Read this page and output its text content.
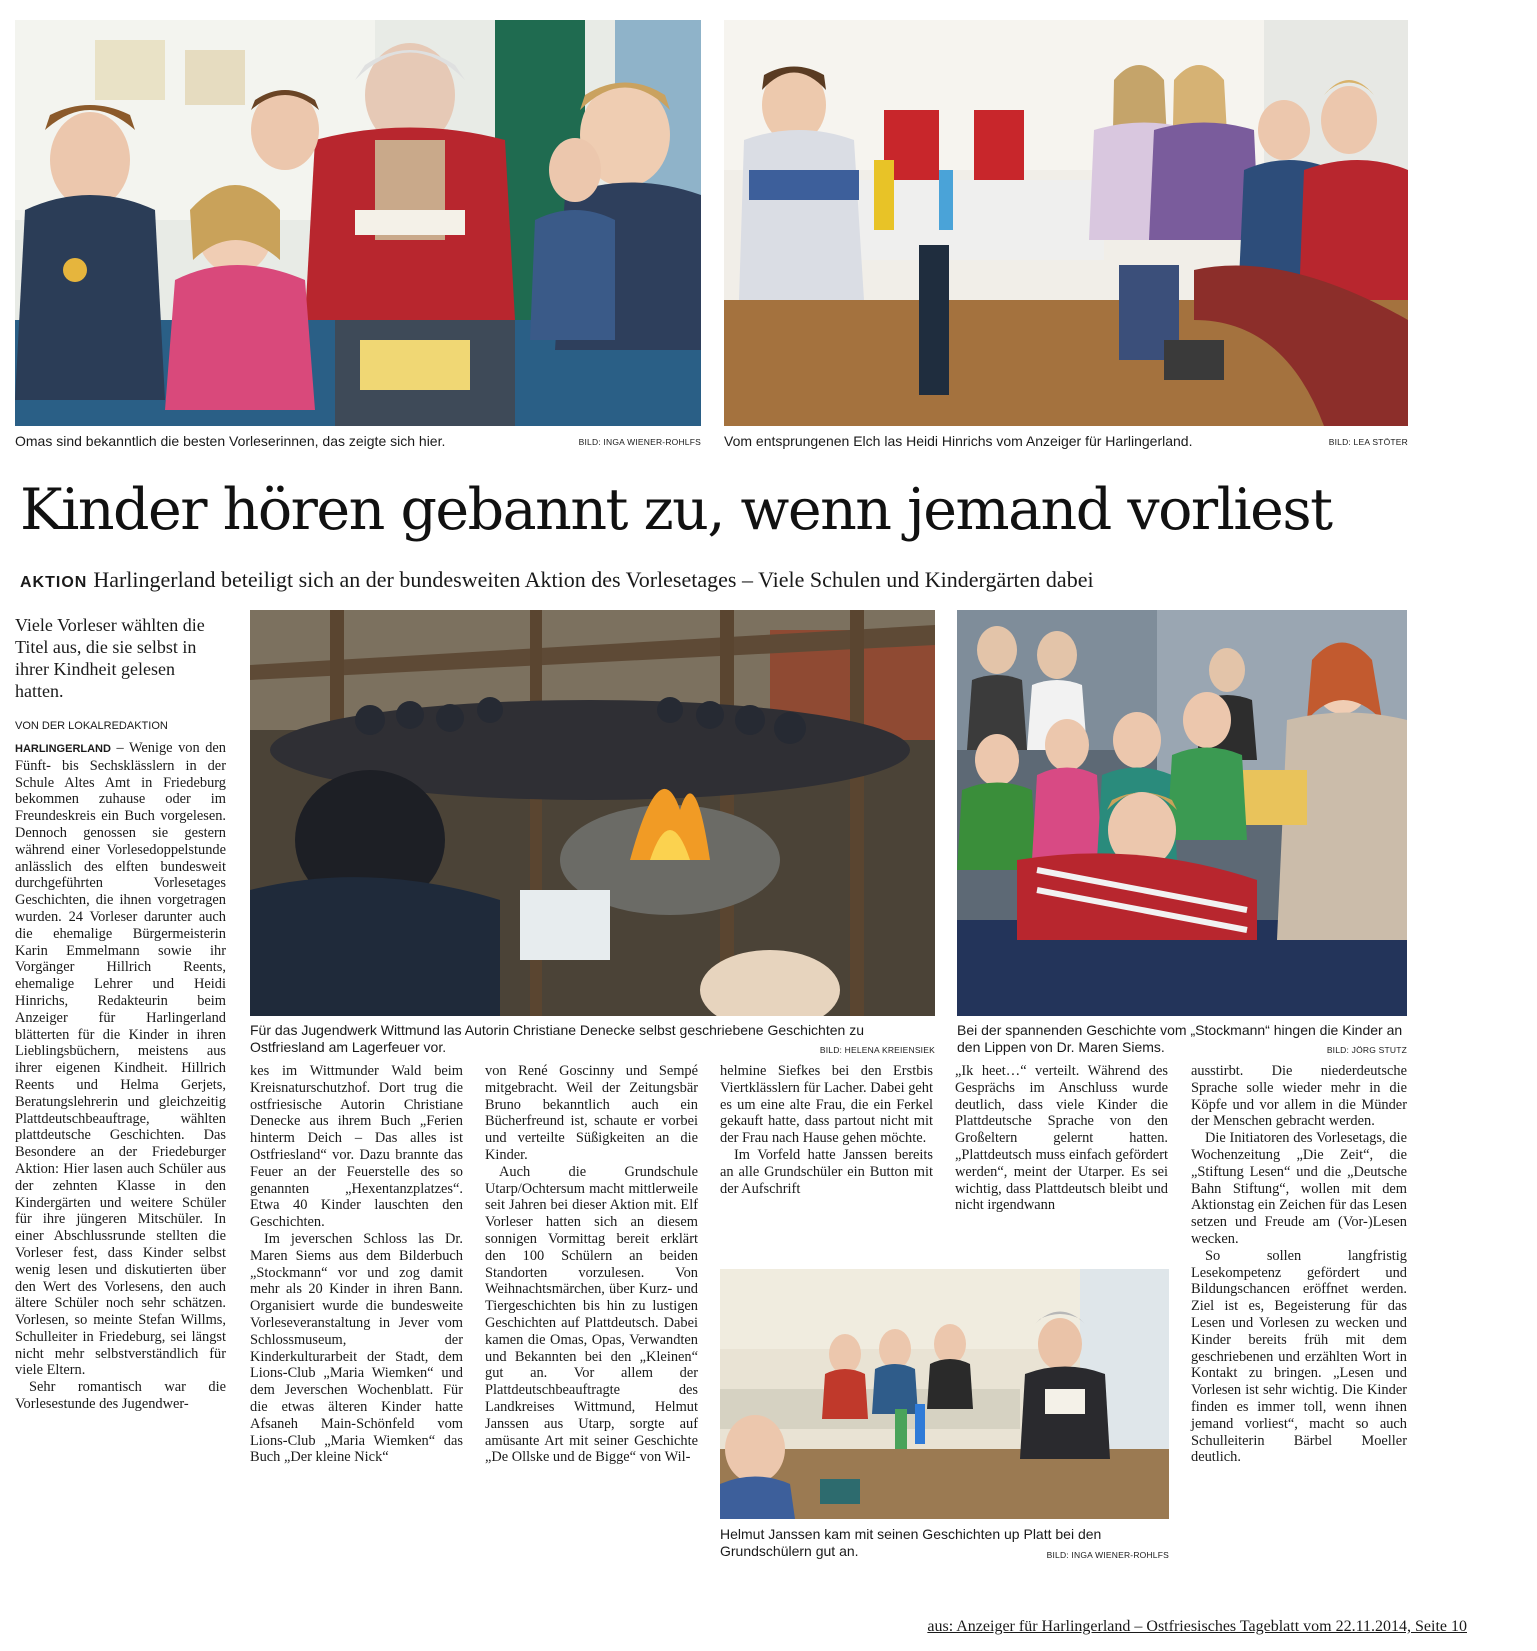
Omas sind bekanntlich die besten Vorleserinnen, das zeigte sich hier.	BILD: INGA WIENER-ROHLFS Vom entsprungenen Elch las Heidi Hinrichs vom Anzeiger für Harlingerland.	BILD: LEA STÖTER
Kinder hören gebannt zu, wenn jemand vorliest
AKTION Harlingerland beteiligt sich an der bundesweiten Aktion des Vorlesetages – Viele Schulen und Kindergärten dabei
Viele Vorleser wählten die Titel aus, die sie selbst in ihrer Kindheit gelesen hatten.
VON DER LOKALREDAKTION
Für das Jugendwerk Wittmund las Autorin Christiane Denecke selbst geschriebene Geschichten zu Ostfriesland am Lagerfeuer vor.	BILD: HELENA KREIENSIEK
Bei der spannenden Geschichte vom „Stockmann“ hingen die Kinder an den Lippen von Dr. Maren Siems.	BILD: JÖRG STUTZ
Helmut Janssen kam mit seinen Geschichten up Platt bei den Grundschülern gut an.	BILD: INGA WIENER-ROHLFS

HARLINGERLAND – Wenige von den Fünft- bis Sechsklässlern in der Schule Altes Amt in Friedeburg bekommen zuhause oder im Freundeskreis ein Buch vorgelesen. Dennoch genossen sie gestern während einer Vorlesedoppelstunde anlässlich des elften bundesweit durchgeführten Vorlesetages Geschichten, die ihnen vorgetragen wurden. 24 Vorleser darunter auch die ehemalige Bürgermeisterin Karin Emmelmann sowie ihr Vorgänger Hillrich Reents, ehemalige Lehrer und Heidi Hinrichs, Redakteurin beim Anzeiger für Harlingerland blätterten für die Kinder in ihren Lieblingsbüchern, meistens aus ihrer eigenen Kindheit. Hillrich Reents und Helma Gerjets, Beratungslehrerin und gleichzeitig Plattdeutschbeauftrage, wählten plattdeutsche Geschichten. Das Besondere an der Friedeburger Aktion: Hier lasen auch Schüler aus der zehnten Klasse in den Kindergärten und weitere Schüler für ihre jüngeren Mitschüler. In einer Abschlussrunde stellten die Vorleser fest, dass Kinder selbst wenig lesen und diskutierten über den Wert des Vorlesens, den auch ältere Schüler noch sehr schätzen. Vorlesen, so meinte Stefan Willms, Schulleiter in Friedeburg, sei längst nicht mehr selbstverständlich für viele Eltern.

Sehr romantisch war die Vorlesestunde des Jugendwer-

kes im Wittmunder Wald beim Kreisnaturschutzhof. Dort trug die ostfriesische Autorin Christiane Denecke aus ihrem Buch „Ferien hinterm Deich – Das alles ist Ostfriesland“ vor. Dazu brannte das Feuer an der Feuerstelle des so genannten „Hexentanzplatzes“. Etwa 40 Kinder lauschten den Geschichten.

Im jeverschen Schloss las Dr. Maren Siems aus dem Bilderbuch „Stockmann“ vor und zog damit mehr als 20 Kinder in ihren Bann. Organisiert wurde die bundesweite Vorleseveranstaltung in Jever vom Schlossmuseum, der Kinderkulturarbeit der Stadt, dem Lions-Club „Maria Wiemken“ und dem Jeverschen Wochenblatt. Für die etwas älteren Kinder hatte Afsaneh Main-Schönfeld vom Lions-Club „Maria Wiemken“ das Buch „Der kleine Nick“

von René Goscinny und Sempé mitgebracht. Weil der Zeitungsbär Bruno bekanntlich auch ein Bücherfreund ist, schaute er vorbei und verteilte Süßigkeiten an die Kinder.

Auch die Grundschule Utarp/Ochtersum macht mittlerweile seit Jahren bei dieser Aktion mit. Elf Vorleser hatten sich an diesem sonnigen Vormittag bereit erklärt den 100 Schülern an beiden Standorten vorzulesen. Von Weihnachtsmärchen, über Kurz- und Tiergeschichten bis hin zu lustigen Geschichten auf Plattdeutsch. Dabei kamen die Omas, Opas, Verwandten und Bekannten bei den „Kleinen“ gut an. Vor allem der Plattdeutschbeauftragte des Landkreises Wittmund, Helmut Janssen aus Utarp, sorgte auf amüsante Art mit seiner Geschichte „De Ollske und de Bigge“ von Wil-

helmine Siefkes bei den Erstbis Viertklässlern für Lacher. Dabei geht es um eine alte Frau, die ein Ferkel gekauft hatte, dass partout nicht mit der Frau nach Hause gehen möchte.

Im Vorfeld hatte Janssen bereits an alle Grundschüler ein Button mit der Aufschrift

„Ik heet…“ verteilt. Während des Gesprächs im Anschluss wurde deutlich, dass viele Kinder die Plattdeutsche Sprache von den Großeltern gelernt hatten. „Plattdeutsch muss einfach gefördert werden“, meint der Utarper. Es sei wichtig, dass Plattdeutsch bleibt und nicht irgendwann

ausstirbt. Die niederdeutsche Sprache solle wieder mehr in die Köpfe und vor allem in die Münder der Menschen gebracht werden.

Die Initiatoren des Vorlesetags, die Wochenzeitung „Die Zeit“, die „Stiftung Lesen“ und die „Deutsche Bahn Stiftung“, wollen mit dem Aktionstag ein Zeichen für das Lesen setzen und Freude am (Vor-)Lesen wecken.

So sollen langfristig Lesekompetenz gefördert und Bildungschancen eröffnet werden. Ziel ist es, Begeisterung für das Lesen und Vorlesen zu wecken und Kinder bereits früh mit dem geschriebenen und erzählten Wort in Kontakt zu bringen. „Lesen und Vorlesen ist sehr wichtig. Die Kinder finden es immer toll, wenn ihnen jemand vorliest“, macht so auch Schulleiterin Bärbel Moeller deutlich.

aus: Anzeiger für Harlingerland – Ostfriesisches Tageblatt vom 22.11.2014, Seite 10
